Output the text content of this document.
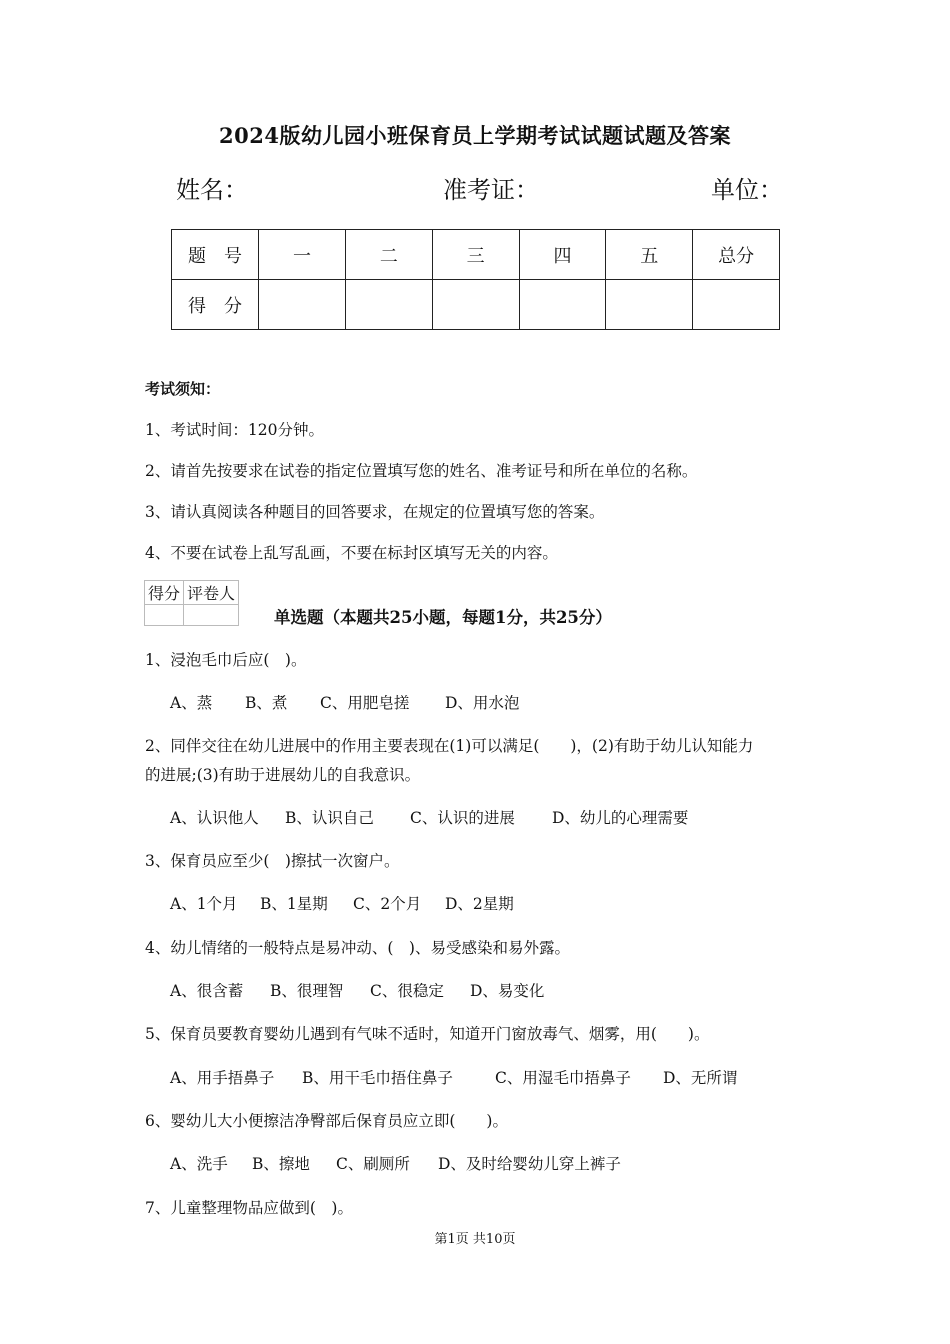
2024版幼儿园小班保育员上学期考试试题试题及答案
姓名：	准考证：	单位：
题　号	一	二	三	四	五	总分
得　分						
考试须知：
1、考试时间：120分钟。
2、请首先按要求在试卷的指定位置填写您的姓名、准考证号和所在单位的名称。
3、请认真阅读各种题目的回答要求，在规定的位置填写您的答案。
4、不要在试卷上乱写乱画，不要在标封区填写无关的内容。
得分	评卷人

单选题（本题共25小题，每题1分，共25分）
1、浸泡毛巾后应(　)。
A、蒸 B、煮 C、用肥皂搓 D、用水泡
2、同伴交往在幼儿进展中的作用主要表现在(1)可以满足(　　)，(2)有助于幼儿认知能力
的进展;(3)有助于进展幼儿的自我意识。
A、认识他人 B、认识自己 C、认识的进展 D、幼儿的心理需要
3、保育员应至少(　)擦拭一次窗户。
A、1个月 B、1星期 C、2个月 D、2星期
4、幼儿情绪的一般特点是易冲动、(　)、易受感染和易外露。
A、很含蓄 B、很理智 C、很稳定 D、易变化
5、保育员要教育婴幼儿遇到有气味不适时，知道开门窗放毒气、烟雾，用(　　)。
A、用手捂鼻子 B、用干毛巾捂住鼻子	C、用湿毛巾捂鼻子 D、无所谓
6、婴幼儿大小便擦洁净臀部后保育员应立即(　　)。
A、洗手 B、擦地 C、刷厕所 D、及时给婴幼儿穿上裤子
7、儿童整理物品应做到(　)。
第1页 共10页
